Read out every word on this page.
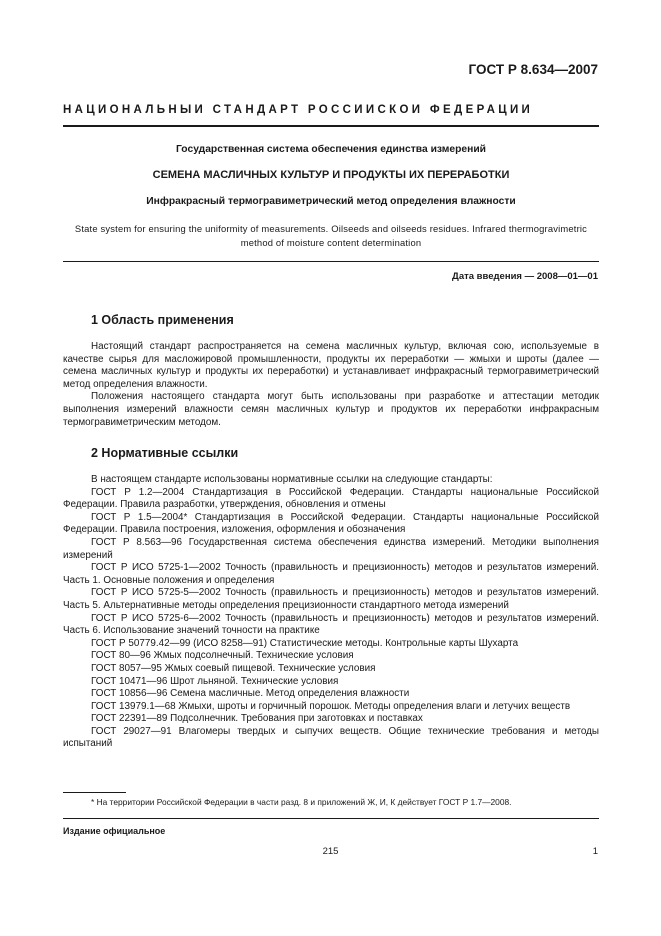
ГОСТ Р 8.634—2007
НАЦИОНАЛЬНЫЙ СТАНДАРТ РОССИЙСКОЙ ФЕДЕРАЦИИ
Государственная система обеспечения единства измерений
СЕМЕНА МАСЛИЧНЫХ КУЛЬТУР И ПРОДУКТЫ ИХ ПЕРЕРАБОТКИ
Инфракрасный термогравиметрический метод определения влажности
State system for ensuring the uniformity of measurements. Oilseeds and oilseeds residues. Infrared thermogravimetric
method of moisture content determination
Дата введения — 2008—01—01
1 Область применения

Настоящий стандарт распространяется на семена масличных культур, включая сою, используемые в качестве сырья для масложировой промышленности, продукты их переработки — жмыхи и шроты (далее — семена масличных культур и продукты их переработки) и устанавливает инфракрасный термогравиметрический метод определения влажности.

Положения настоящего стандарта могут быть использованы при разработке и аттестации методик выполнения измерений влажности семян масличных культур и продуктов их переработки инфракрасным термогравиметрическим методом.

2 Нормативные ссылки

В настоящем стандарте использованы нормативные ссылки на следующие стандарты:

ГОСТ Р 1.2—2004 Стандартизация в Российской Федерации. Стандарты национальные Российской Федерации. Правила разработки, утверждения, обновления и отмены

ГОСТ Р 1.5—2004* Стандартизация в Российской Федерации. Стандарты национальные Российской Федерации. Правила построения, изложения, оформления и обозначения

ГОСТ Р 8.563—96 Государственная система обеспечения единства измерений. Методики выполнения измерений

ГОСТ Р ИСО 5725-1—2002 Точность (правильность и прецизионность) методов и результатов измерений. Часть 1. Основные положения и определения

ГОСТ Р ИСО 5725-5—2002 Точность (правильность и прецизионность) методов и результатов измерений. Часть 5. Альтернативные методы определения прецизионности стандартного метода измерений

ГОСТ Р ИСО 5725-6—2002 Точность (правильность и прецизионность) методов и результатов измерений. Часть 6. Использование значений точности на практике

ГОСТ Р 50779.42—99 (ИСО 8258—91) Статистические методы. Контрольные карты Шухарта

ГОСТ 80—96 Жмых подсолнечный. Технические условия

ГОСТ 8057—95 Жмых соевый пищевой. Технические условия

ГОСТ 10471—96 Шрот льняной. Технические условия

ГОСТ 10856—96 Семена масличные. Метод определения влажности

ГОСТ 13979.1—68 Жмыхи, шроты и горчичный порошок. Методы определения влаги и летучих веществ

ГОСТ 22391—89 Подсолнечник. Требования при заготовках и поставках

ГОСТ 29027—91 Влагомеры твердых и сыпучих веществ. Общие технические требования и методы испытаний

* На территории Российской Федерации в части разд. 8 и приложений Ж, И, К действует ГОСТ Р 1.7—2008.
Издание официальное
215	1
